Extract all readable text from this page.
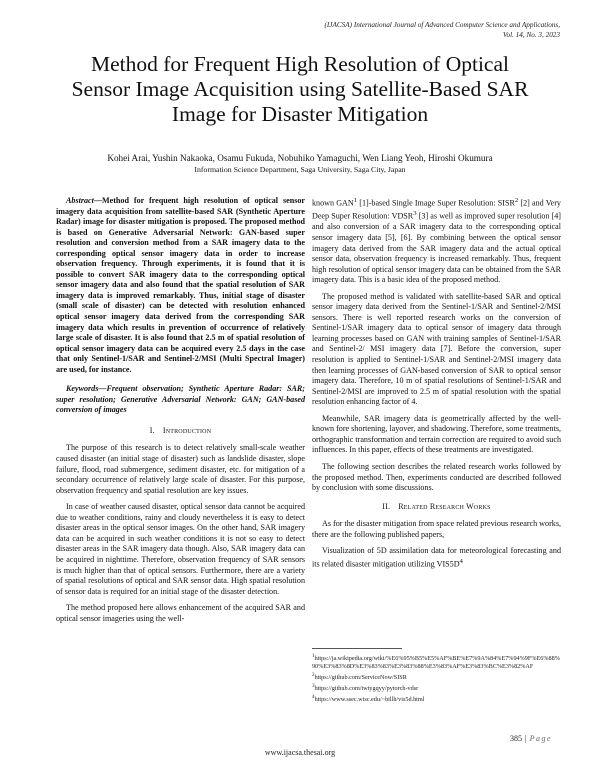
(IJACSA) International Journal of Advanced Computer Science and Applications,
Vol. 14, No. 3, 2023
Method for Frequent High Resolution of Optical
Sensor Image Acquisition using Satellite-Based SAR
Image for Disaster Mitigation
Kohei Arai, Yushin Nakaoka, Osamu Fukuda, Nobuhiko Yamaguchi, Wen Liang Yeoh, Hiroshi Okumura
Information Science Department, Saga University, Saga City, Japan

Abstract—Method for frequent high resolution of optical sensor imagery data acquisition from satellite-based SAR (Synthetic Aperture Radar) image for disaster mitigation is proposed. The proposed method is based on Generative Adversarial Network: GAN-based super resolution and conversion method from a SAR imagery data to the corresponding optical sensor imagery data in order to increase observation frequency. Through experiments, it is found that it is possible to convert SAR imagery data to the corresponding optical sensor imagery data and also found that the spatial resolution of SAR imagery data is improved remarkably. Thus, initial stage of disaster (small scale of disaster) can be detected with resolution enhanced optical sensor imagery data derived from the corresponding SAR imagery data which results in prevention of occurrence of relatively large scale of disaster. It is also found that 2.5 m of spatial resolution of optical sensor imagery data can be acquired every 2.5 days in the case that only Sentinel-1/SAR and Sentinel-2/MSI (Multi Spectral Imager) are used, for instance.

Keywords—Frequent observation; Synthetic Aperture Radar: SAR; super resolution; Generative Adversarial Network: GAN; GAN-based conversion of images

I. Introduction

The purpose of this research is to detect relatively small-scale weather caused disaster (an initial stage of disaster) such as landslide disaster, slope failure, flood, road submergence, sediment disaster, etc. for mitigation of a secondary occurrence of relatively large scale of disaster. For this purpose, observation frequency and spatial resolution are key issues.

In case of weather caused disaster, optical sensor data cannot be acquired due to weather conditions, rainy and cloudy nevertheless it is easy to detect disaster areas in the optical sensor images. On the other hand, SAR imagery data can be acquired in such weather conditions it is not so easy to detect disaster areas in the SAR imagery data though. Also, SAR imagery data can be acquired in nighttime. Therefore, observation frequency of SAR sensors is much higher than that of optical sensors. Furthermore, there are a variety of spatial resolutions of optical and SAR sensor data. High spatial resolution of sensor data is required for an initial stage of the disaster detection.

The method proposed here allows enhancement of the acquired SAR and optical sensor imageries using the well-

known GAN$^1$ [1]-based Single Image Super Resolution: SISR$^2$ [2] and Very Deep Super Resolution: VDSR$^3$ [3] as well as improved super resolution [4] and also conversion of a SAR imagery data to the corresponding optical sensor imagery data [5], [6]. By combining between the optical sensor imagery data derived from the SAR imagery data and the actual optical sensor data, observation frequency is increased remarkably. Thus, frequent high resolution of optical sensor imagery data can be obtained from the SAR imagery data. This is a basic idea of the proposed method.

The proposed method is validated with satellite-based SAR and optical sensor imagery data derived from the Sentinel-1/SAR and Sentinel-2/MSI sensors. There is well reported research works on the conversion of Sentinel-1/SAR imagery data to optical sensor of imagery data through learning processes based on GAN with training samples of Sentinel-1/SAR and Sentinel-2/ MSI imagery data [7]. Before the conversion, super resolution is applied to Sentinel-1/SAR and Sentinel-2/MSI imagery data then learning processes of GAN-based conversion of SAR to optical sensor imagery data. Therefore, 10 m of spatial resolutions of Sentinel-1/SAR and Sentinel-2/MSI are improved to 2.5 m of spatial resolution with the spatial resolution enhancing factor of 4.

Meanwhile, SAR imagery data is geometrically affected by the well-known fore shortening, layover, and shadowing. Therefore, some treatments, orthographic transformation and terrain correction are required to avoid such influences. In this paper, effects of these treatments are investigated.

The following section describes the related research works followed by the proposed method. Then, experiments conducted are described followed by conclusion with some discussions.

II. Related Research Works

As for the disaster mitigation from space related previous research works, there are the following published papers,

Visualization of 5D assimilation data for meteorological forecasting and its related disaster mitigation utilizing $VIS5D^4$

$^1$https://ja.wikipedia.org/wiki/%E6%95%B5%E5%AF%BE%E7%9A%84%E7%94%9F%E6%88%90%E3%83%8D%E3%83%83%E3%83%88%E3%83%AF%E3%83%BC%E3%82%AF
$^2$https://github.com/ServiceNow/SISR
$^3$https://github.com/twtygqyy/pytorch-vdsr
$^4$https://www.ssec.wisc.edu/~billh/vis5d.html
385 | Page
www.ijacsa.thesai.org
